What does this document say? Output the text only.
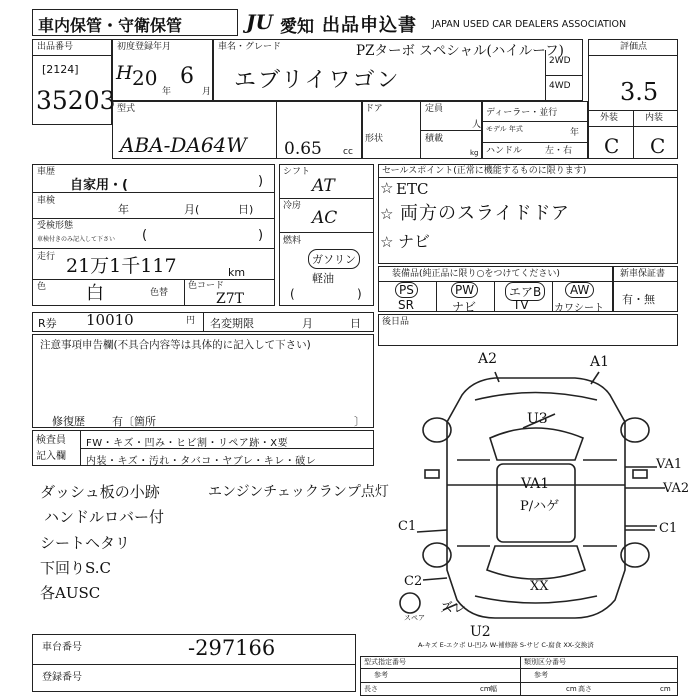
車内保管・守衛保管	JU 愛知 出品申込書 JAPAN USED CAR DEALERS ASSOCIATION
出品番号
[2124]
35203
初度登録年月
H 20
年
6
月
車名・グレード	PZターボ スペシャル(ハイルーフ)
エブリイワゴン
2WD
4WD
評価点
3.5
外装	内装
C C
型式
ABA-DA64W 0.65 cc
ドア
形状
定員
人
積載
kg
ディーラー・並行
モデル 年式	年
ハンドル	左・右
車歴
自家用・(	)
車検
年	月(	日)
受検形態
車検付きのみ記入して下さい (	)
走行 21万1千117	km
色 白	色替
色コード
Z7T
シフト
AT
冷房
AC
燃料
ガソリン
軽油
(	)
セールスポイント(正常に機能するものに限ります)
☆ ETC
☆ 両方のスライドドア
☆ ナビ
装備品(純正品に限り○をつけてください)
PS	PW	エアB	AW
SR	ナビ	TV	カワシート
新車保証書
有・無
R券 10010	円 名変期限	月	日 後日品
注意事項申告欄(不具合内容等は具体的に記入して下さい)
修復歴 有〔箇所	〕
検査員
記入欄
FW・キズ・凹み・ヒビ割・リペア跡・X要
内装・キズ・汚れ・タバコ・ヤブレ・キレ・破レ
ダッシュ板の小跡	エンジンチェックランプ点灯
ハンドルロバー付
シートヘタリ
下回りS.C
各AUSC
A2	A1
U3
VA1
VA2
VA1
P/ハゲ
C1	C1
C2	XX
ズレ
スペア
U2
A-キズ E-エクボ U-凹み W-補修跡 S-サビ C-腐食 XX-交換済
車台番号	-297166
登録番号
型式指定番号	類別区分番号
参考	参考
長さ	cm 幅	cm 高さ	cm
